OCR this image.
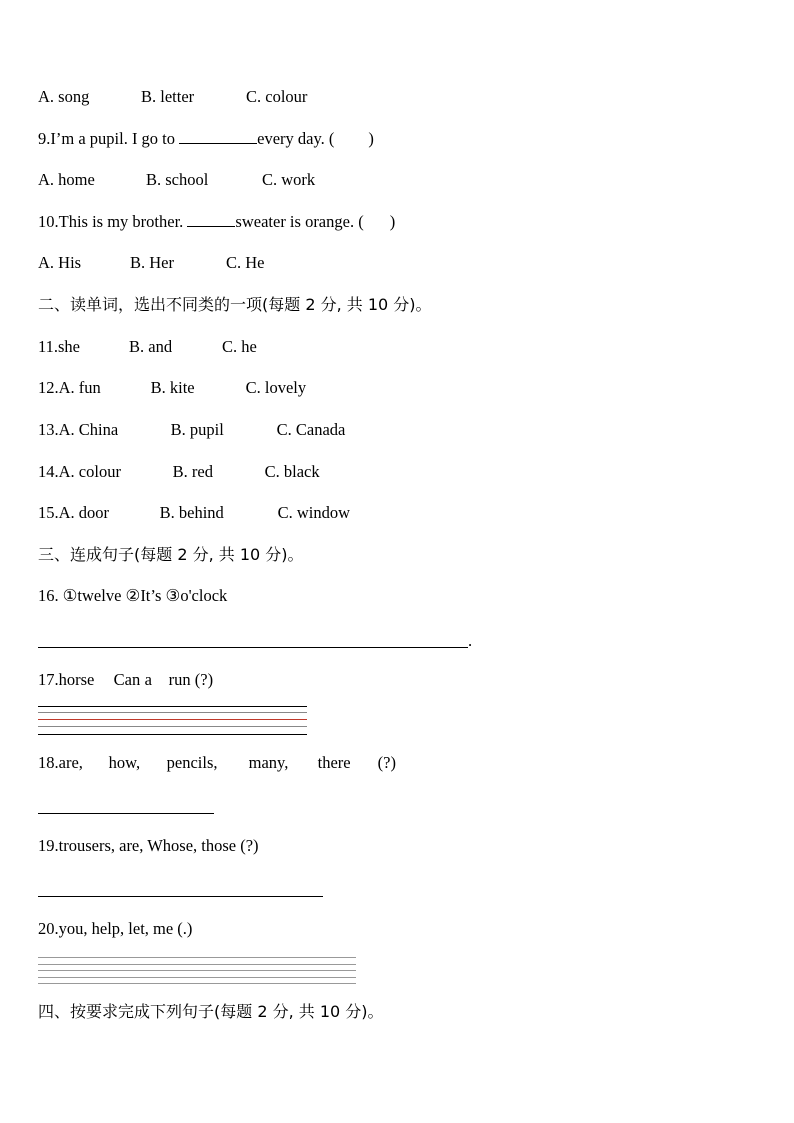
A. song	B. letter	C. colour
9.I’m a pupil. I go to	every day. ( )
A. home	B. school	C. work
10.This is my brother.	sweater is orange. ( )
A. His	B. Her	C. He
二、读单词，选出不同类的一项(每题 2 分, 共 10 分)。
11.she	B. and	C. he
12.A. fun	B. kite	C. lovely
13.A. China	B. pupil	C. Canada
14.A. colour	B. red	C. black
15.A. door	B. behind	C. window
三、连成句子(每题 2 分, 共 10 分)。
16. ①twelve ②It’s ③o'clock
.
17.horse Can a run (?)
18.are, how, pencils, many, there (?)
19.trousers, are, Whose, those (?)
20.you, help, let, me (.)
四、按要求完成下列句子(每题 2 分, 共 10 分)。
